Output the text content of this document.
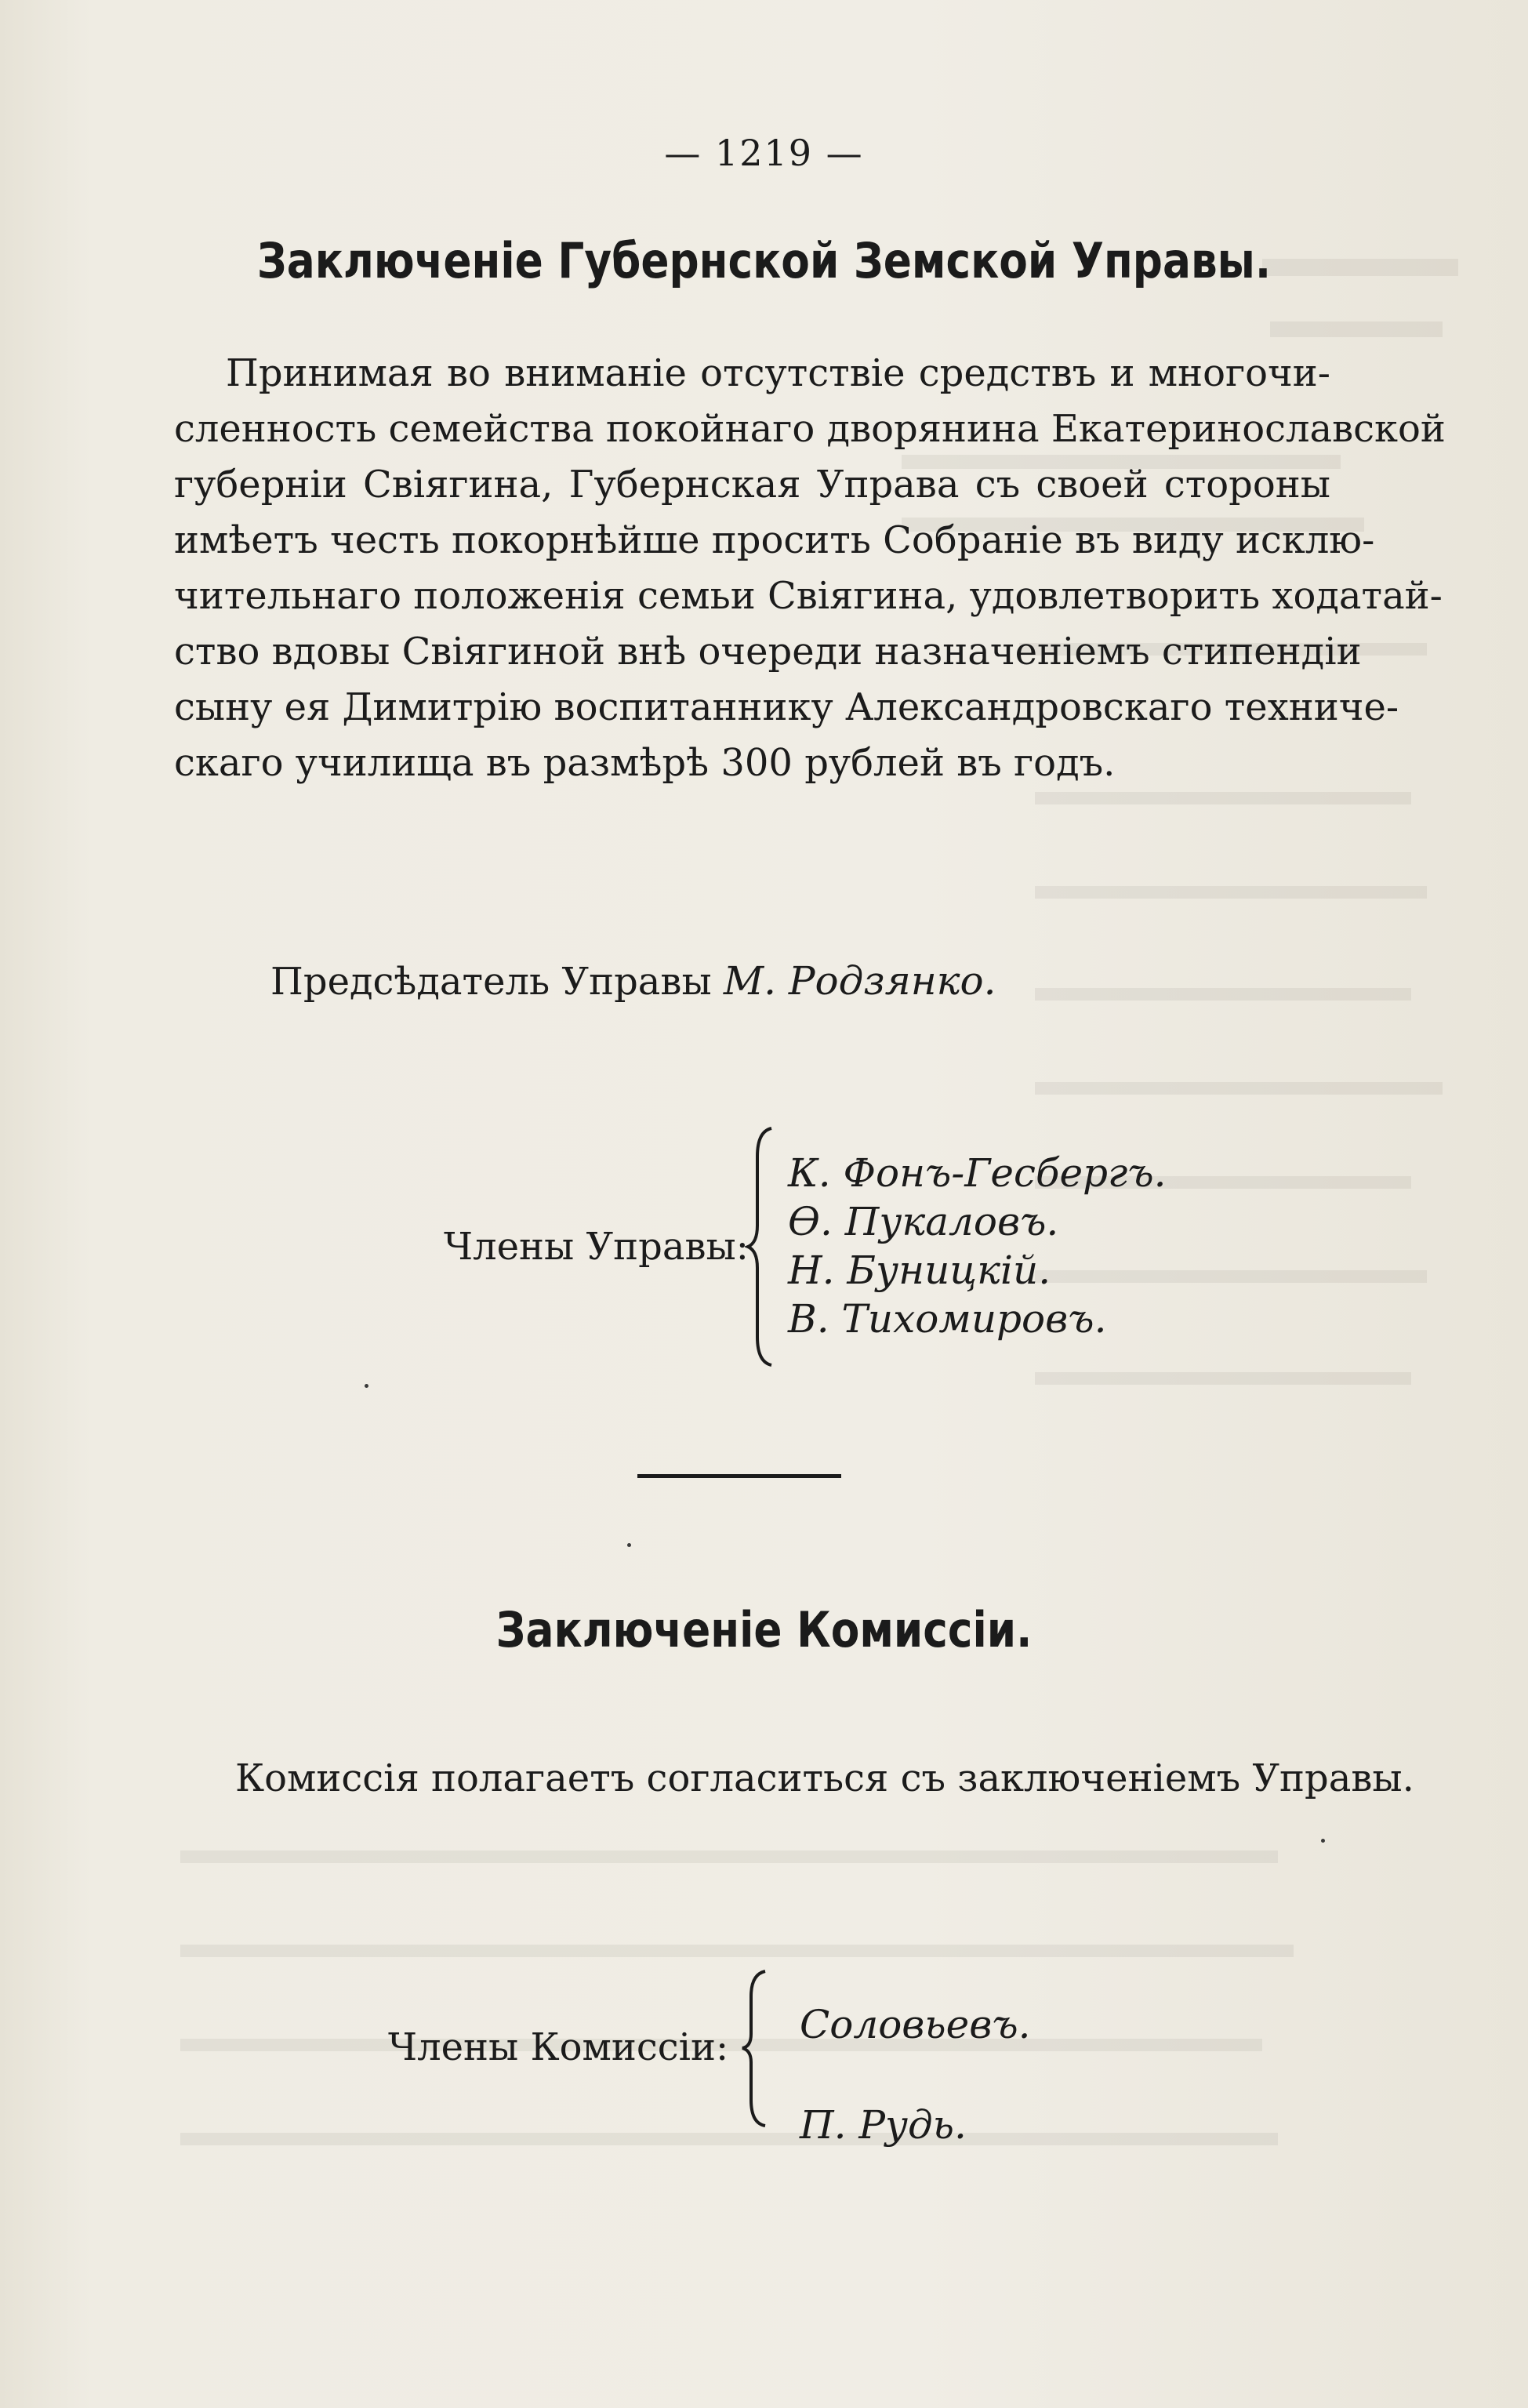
— 1219 —
Заключенiе Губернской Земской Управы.
Принимая во вниманiе отсутствiе средствъ и многочи-
сленность семейства покойнаго дворянина Екатеринославской
губернiи Свiягина, Губернская Управа съ своей стороны
имѣетъ честь покорнѣйше просить Собранiе въ виду исклю-
чительнаго положенiя семьи Свiягина, удовлетворить ходатай-
ство вдовы Свiягиной внѣ очереди назначенiемъ стипендiи
сыну ея Димитрiю воспитаннику Александровскаго техниче-
скаго училища въ размѣрѣ 300 рублей въ годъ.
Предсѣдатель Управы М. Родзянко.
Члены Управы:
К. Фонъ-Гесбергъ.
Ѳ. Пукаловъ.
Н. Буницкiй.
В. Тихомировъ.
Заключенiе Комиссiи.
Комиссiя полагаетъ согласиться съ заключенiемъ Управы.
Члены Комиссiи: Соловьевъ.
П. Рудь.
